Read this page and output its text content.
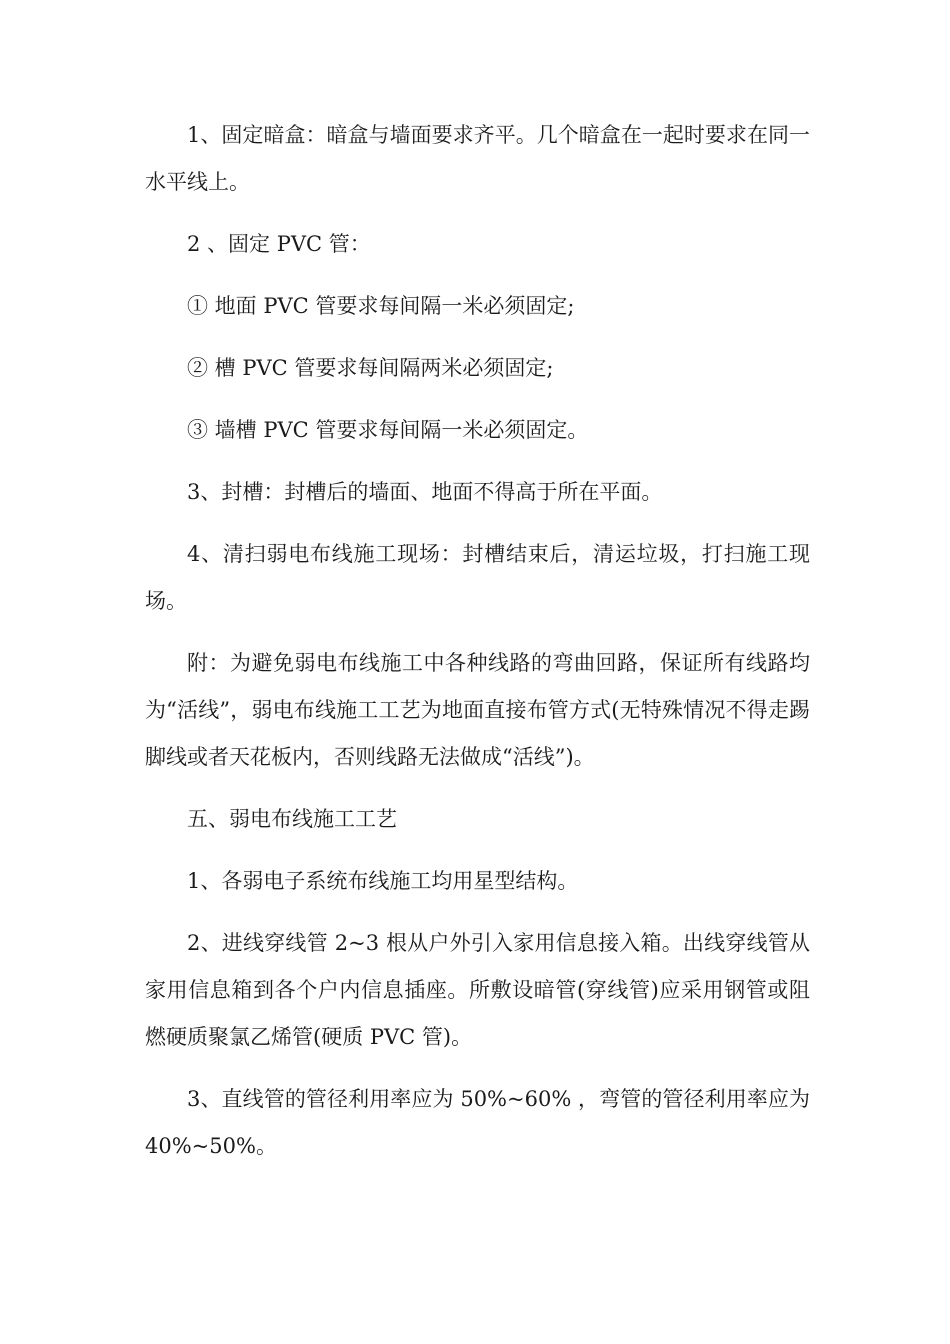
1、固定暗盒：暗盒与墙面要求齐平。几个暗盒在一起时要求在同一水平线上。

2 、固定 PVC 管：

① 地面 PVC 管要求每间隔一米必须固定;

② 槽 PVC 管要求每间隔两米必须固定;

③ 墙槽 PVC 管要求每间隔一米必须固定。

3、封槽：封槽后的墙面、地面不得高于所在平面。

4、清扫弱电布线施工现场：封槽结束后，清运垃圾，打扫施工现场。

附：为避免弱电布线施工中各种线路的弯曲回路，保证所有线路均为“活线”，弱电布线施工工艺为地面直接布管方式(无特殊情况不得走踢脚线或者天花板内，否则线路无法做成“活线”)。

五、弱电布线施工工艺

1、各弱电子系统布线施工均用星型结构。

2、进线穿线管 2~3 根从户外引入家用信息接入箱。出线穿线管从家用信息箱到各个户内信息插座。所敷设暗管(穿线管)应采用钢管或阻燃硬质聚氯乙烯管(硬质 PVC 管)。

3、直线管的管径利用率应为 50%~60% ，弯管的管径利用率应为 40%~50%。
